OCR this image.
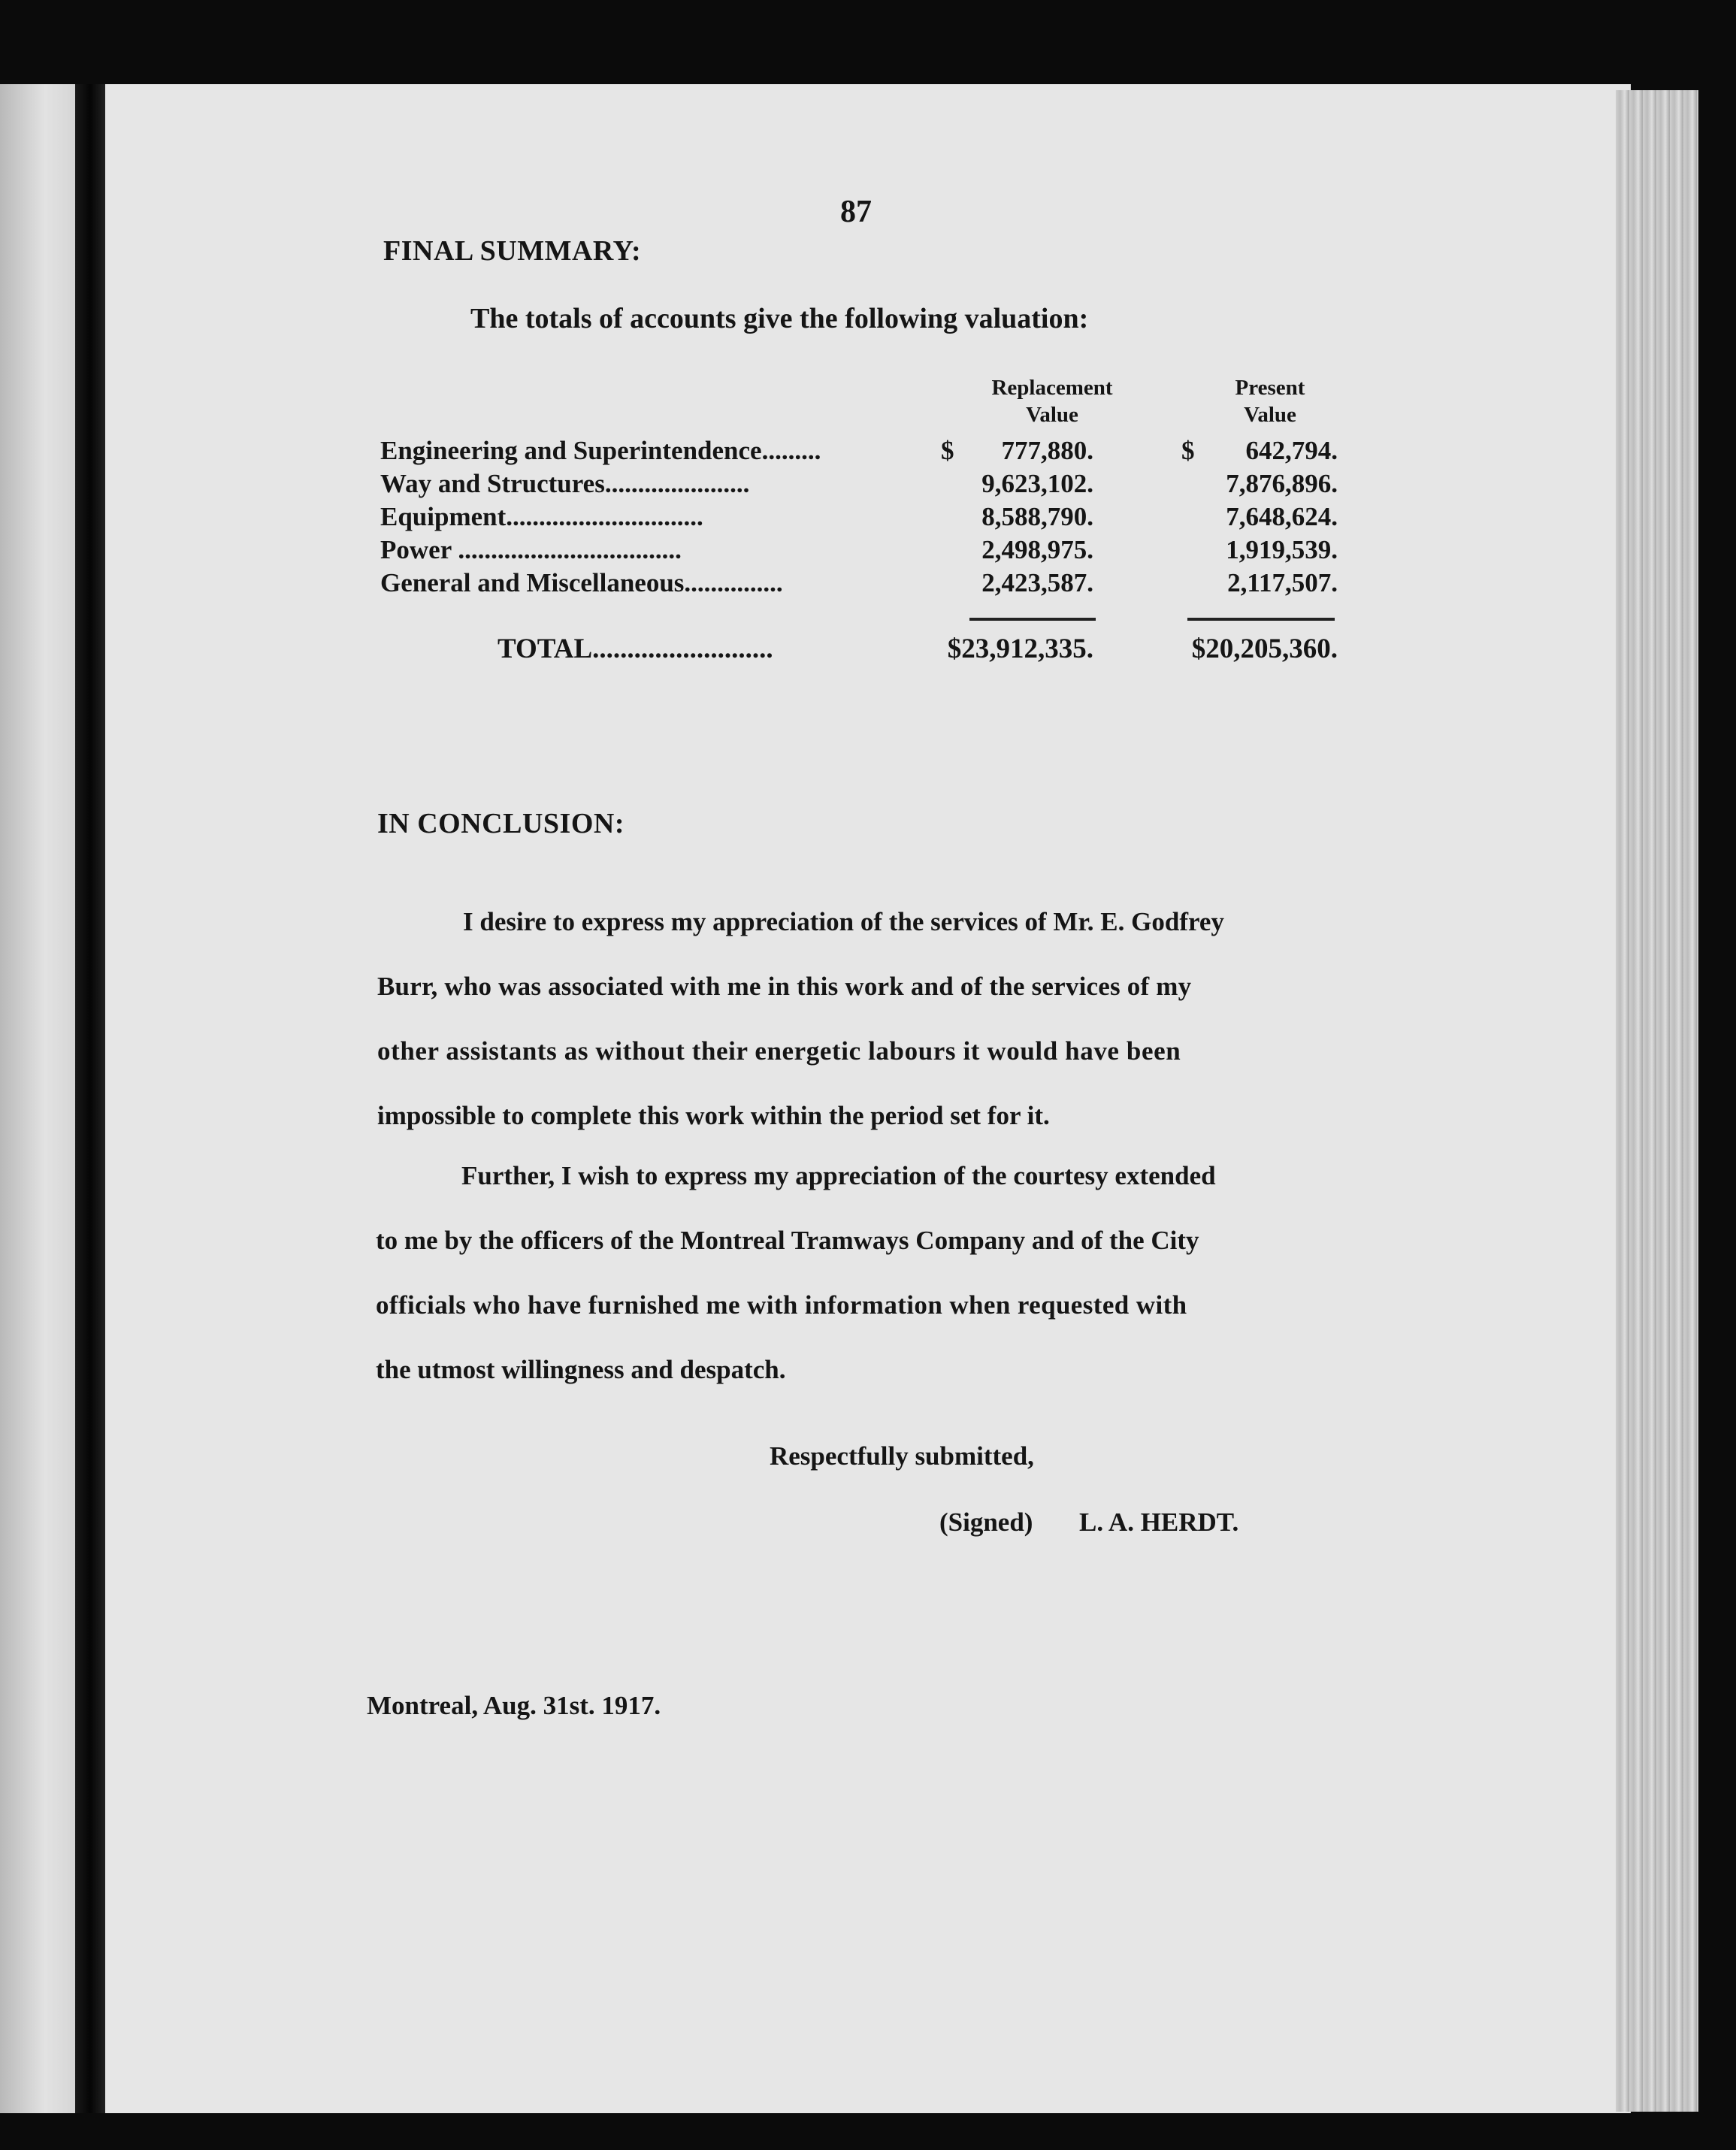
87
FINAL SUMMARY:
The totals of accounts give the following valuation:
Replacement
Value
Present
Value
Engineering and Superintendence.........	$	777,880.	$	642,794.
Way and Structures......................	9,623,102.	7,876,896.
Equipment..............................	8,588,790.	7,648,624.
Power ..................................	2,498,975.	1,919,539.
General and Miscellaneous...............	2,423,587.	2,117,507.
TOTAL..........................	$23,912,335.	$20,205,360.
IN CONCLUSION:
I desire to express my appreciation of the services of Mr. E. Godfrey
Burr, who was associated with me in this work and of the services of my
other assistants as without their energetic labours it would have been
impossible to complete this work within the period set for it.
Further, I wish to express my appreciation of the courtesy extended
to me by the officers of the Montreal Tramways Company and of the City
officials who have furnished me with information when requested with
the utmost willingness and despatch.
Respectfully submitted,
(Signed) L. A. HERDT.
Montreal, Aug. 31st. 1917.
